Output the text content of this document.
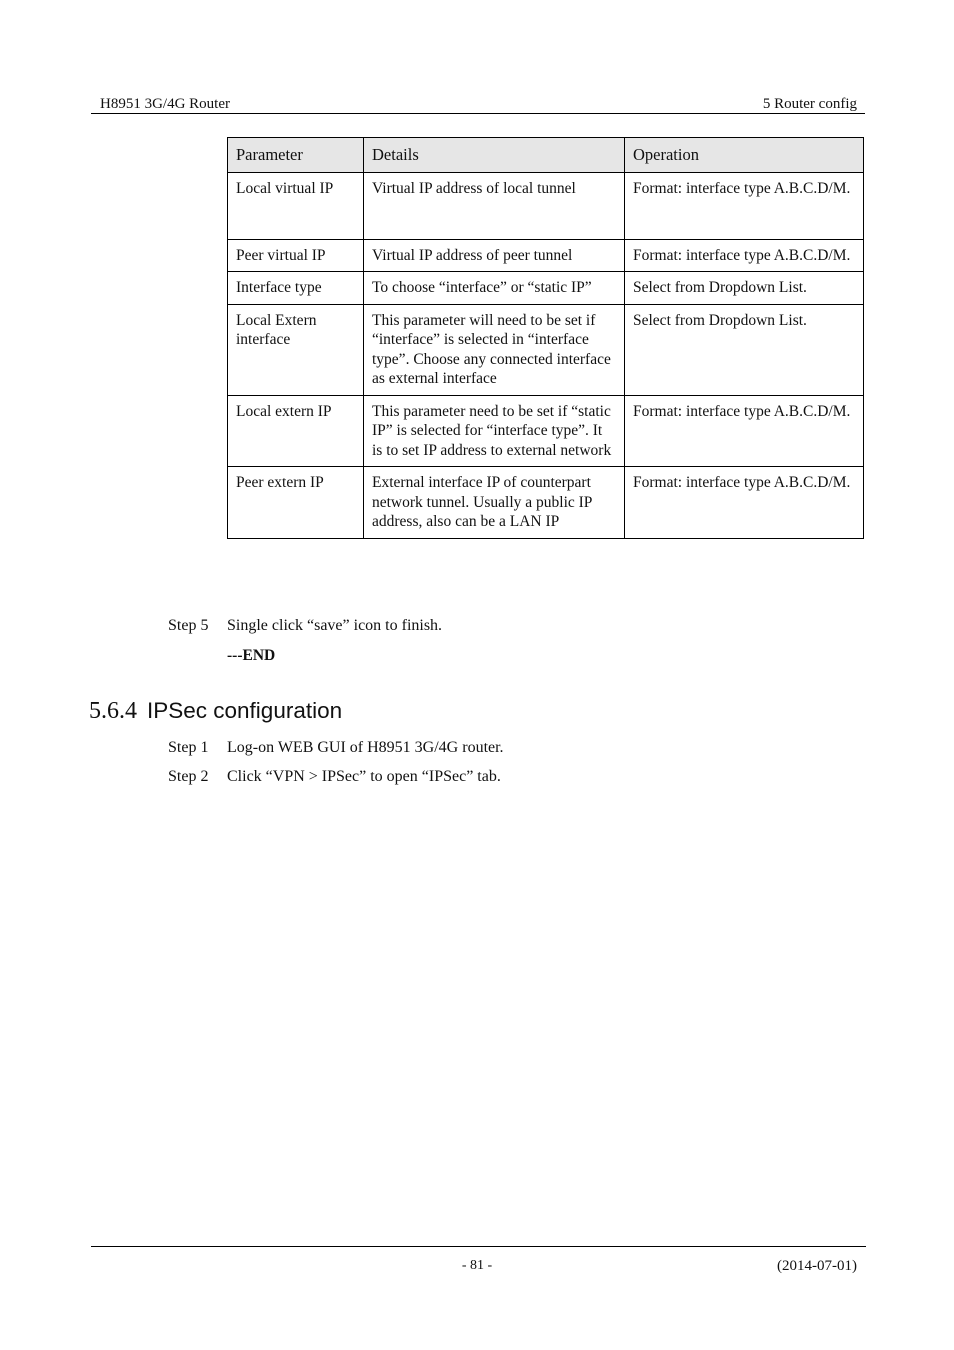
H8951 3G/4G Router	5 Router config
Parameter	Details	Operation
Local virtual IP	Virtual IP address of local tunnel	Format: interface type A.B.C.D/M.
Peer virtual IP	Virtual IP address of peer tunnel	Format: interface type A.B.C.D/M.
Interface type	To choose “interface” or “static IP”	Select from Dropdown List.
Local Extern interface	This parameter will need to be set if “interface” is selected in “interface type”. Choose any connected interface as external interface	Select from Dropdown List.
Local extern IP	This parameter need to be set if “static IP” is selected for “interface type”. It is to set IP address to external network	Format: interface type A.B.C.D/M.
Peer extern IP	External interface IP of counterpart network tunnel. Usually a public IP address, also can be a LAN IP	Format: interface type A.B.C.D/M.
Step 5 Single click “save” icon to finish.
---END
5.6.4 IPSec configuration
Step 1 Log-on WEB GUI of H8951 3G/4G router.
Step 2 Click “VPN > IPSec” to open “IPSec” tab.
- 81 -	(2014-07-01)
